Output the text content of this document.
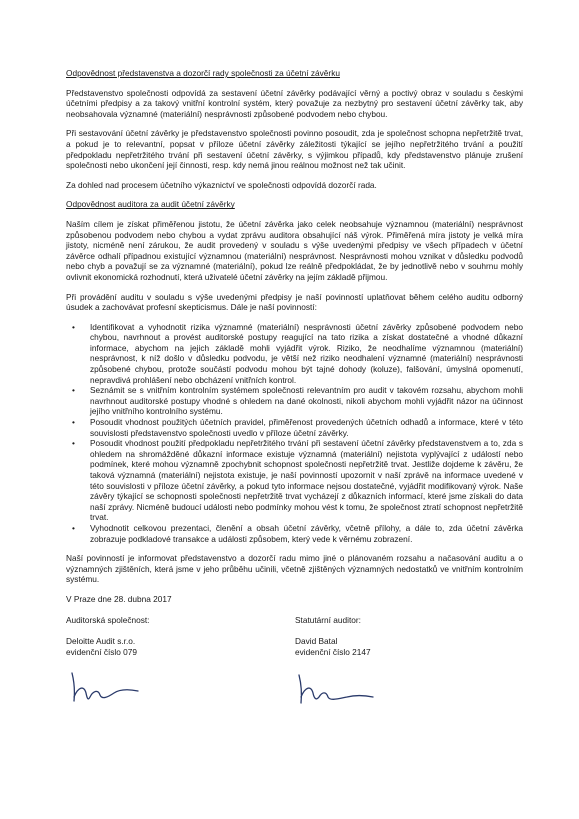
Odpovědnost představenstva a dozorčí rady společnosti za účetní závěrku

Představenstvo společnosti odpovídá za sestavení účetní závěrky podávající věrný a poctivý obraz v souladu s českými účetními předpisy a za takový vnitřní kontrolní systém, který považuje za nezbytný pro sestavení účetní závěrky tak, aby neobsahovala významné (materiální) nesprávnosti způsobené podvodem nebo chybou.

Při sestavování účetní závěrky je představenstvo společnosti povinno posoudit, zda je společnost schopna nepřetržitě trvat, a pokud je to relevantní, popsat v příloze účetní závěrky záležitosti týkající se jejího nepřetržitého trvání a použití předpokladu nepřetržitého trvání při sestavení účetní závěrky, s výjimkou případů, kdy představenstvo plánuje zrušení společnosti nebo ukončení její činnosti, resp. kdy nemá jinou reálnou možnost než tak učinit.

Za dohled nad procesem účetního výkaznictví ve společnosti odpovídá dozorčí rada.

Odpovědnost auditora za audit účetní závěrky

Naším cílem je získat přiměřenou jistotu, že účetní závěrka jako celek neobsahuje významnou (materiální) nesprávnost způsobenou podvodem nebo chybou a vydat zprávu auditora obsahující náš výrok. Přiměřená míra jistoty je velká míra jistoty, nicméně není zárukou, že audit provedený v souladu s výše uvedenými předpisy ve všech případech v účetní závěrce odhalí případnou existující významnou (materiální) nesprávnost. Nesprávnosti mohou vznikat v důsledku podvodů nebo chyb a považují se za významné (materiální), pokud lze reálně předpokládat, že by jednotlivě nebo v souhrnu mohly ovlivnit ekonomická rozhodnutí, která uživatelé účetní závěrky na jejím základě přijmou.

Při provádění auditu v souladu s výše uvedenými předpisy je naší povinností uplatňovat během celého auditu odborný úsudek a zachovávat profesní skepticismus. Dále je naší povinností:

•	Identifikovat a vyhodnotit rizika významné (materiální) nesprávnosti účetní závěrky způsobené podvodem nebo chybou, navrhnout a provést auditorské postupy reagující na tato rizika a získat dostatečné a vhodné důkazní informace, abychom na jejich základě mohli vyjádřit výrok. Riziko, že neodhalíme významnou (materiální) nesprávnost, k níž došlo v důsledku podvodu, je větší než riziko neodhalení významné (materiální) nesprávnosti způsobené chybou, protože součástí podvodu mohou být tajné dohody (koluze), falšování, úmyslná opomenutí, nepravdivá prohlášení nebo obcházení vnitřních kontrol.
•	Seznámit se s vnitřním kontrolním systémem společnosti relevantním pro audit v takovém rozsahu, abychom mohli navrhnout auditorské postupy vhodné s ohledem na dané okolnosti, nikoli abychom mohli vyjádřit názor na účinnost jejího vnitřního kontrolního systému.
•	Posoudit vhodnost použitých účetních pravidel, přiměřenost provedených účetních odhadů a informace, které v této souvislosti představenstvo společnosti uvedlo v příloze účetní závěrky.
•	Posoudit vhodnost použití předpokladu nepřetržitého trvání při sestavení účetní závěrky představenstvem a to, zda s ohledem na shromážděné důkazní informace existuje významná (materiální) nejistota vyplývající z událostí nebo podmínek, které mohou významně zpochybnit schopnost společnosti nepřetržitě trvat. Jestliže dojdeme k závěru, že taková významná (materiální) nejistota existuje, je naší povinností upozornit v naší zprávě na informace uvedené v této souvislosti v příloze účetní závěrky, a pokud tyto informace nejsou dostatečné, vyjádřit modifikovaný výrok. Naše závěry týkající se schopnosti společnosti nepřetržitě trvat vycházejí z důkazních informací, které jsme získali do data naší zprávy. Nicméně budoucí události nebo podmínky mohou vést k tomu, že společnost ztratí schopnost nepřetržitě trvat.
•	Vyhodnotit celkovou prezentaci, členění a obsah účetní závěrky, včetně přílohy, a dále to, zda účetní závěrka zobrazuje podkladové transakce a události způsobem, který vede k věrnému zobrazení.

Naší povinností je informovat představenstvo a dozorčí radu mimo jiné o plánovaném rozsahu a načasování auditu a o významných zjištěních, která jsme v jeho průběhu učinili, včetně zjištěných významných nedostatků ve vnitřním kontrolním systému.

V Praze dne 28. dubna 2017

Auditorská společnost:

Deloitte Audit s.r.o.

evidenční číslo 079

Statutární auditor:

David Batal

evidenční číslo 2147
